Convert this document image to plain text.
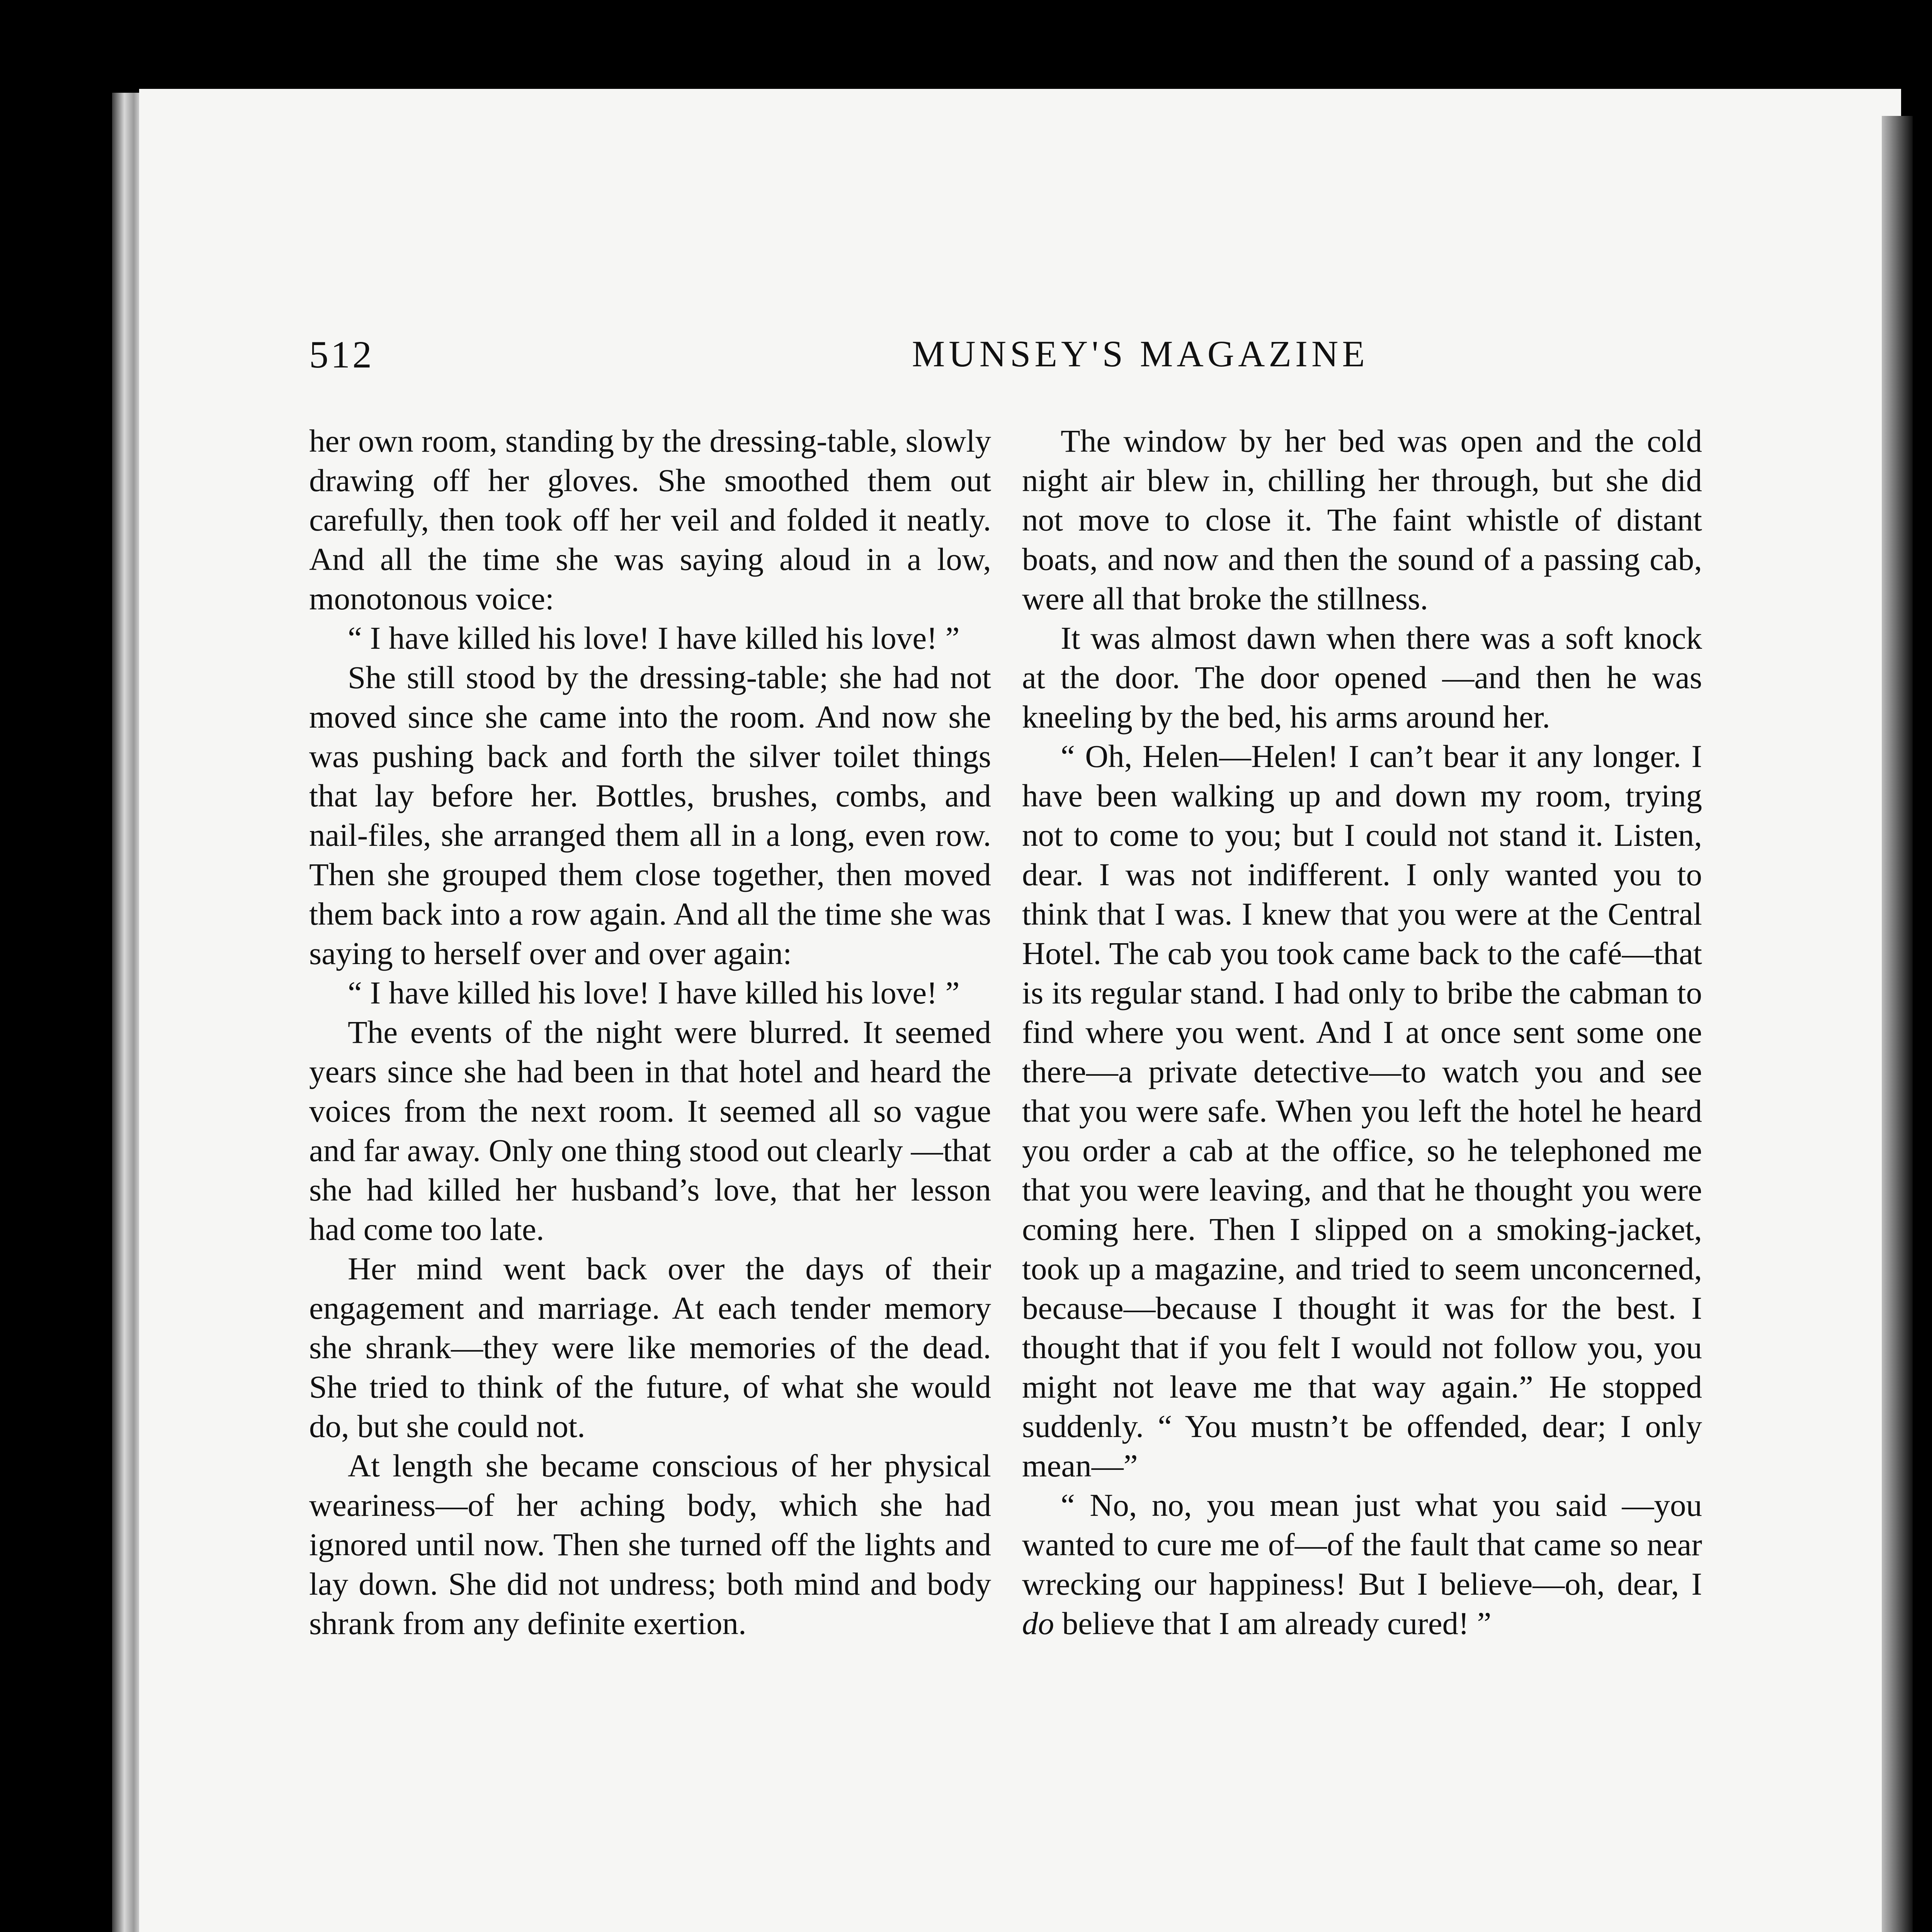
512	MUNSEY'S MAGAZINE

her own room, standing by the dressing-table, slowly drawing off her gloves. She smoothed them out carefully, then took off her veil and folded it neatly. And all the time she was saying aloud in a low, monotonous voice:

“ I have killed his love! I have killed his love! ”

She still stood by the dressing-table; she had not moved since she came into the room. And now she was pushing back and forth the silver toilet things that lay before her. Bottles, brushes, combs, and nail-files, she arranged them all in a long, even row. Then she grouped them close together, then moved them back into a row again. And all the time she was saying to herself over and over again:

“ I have killed his love! I have killed his love! ”

The events of the night were blurred. It seemed years since she had been in that hotel and heard the voices from the next room. It seemed all so vague and far away. Only one thing stood out clearly —that she had killed her husband’s love, that her lesson had come too late.

Her mind went back over the days of their engagement and marriage. At each tender memory she shrank—they were like memories of the dead. She tried to think of the future, of what she would do, but she could not.

At length she became conscious of her physical weariness—of her aching body, which she had ignored until now. Then she turned off the lights and lay down. She did not undress; both mind and body shrank from any definite exertion.

The window by her bed was open and the cold night air blew in, chilling her through, but she did not move to close it. The faint whistle of distant boats, and now and then the sound of a passing cab, were all that broke the stillness.

It was almost dawn when there was a soft knock at the door. The door opened —and then he was kneeling by the bed, his arms around her.

“ Oh, Helen—Helen! I can’t bear it any longer. I have been walking up and down my room, trying not to come to you; but I could not stand it. Listen, dear. I was not indifferent. I only wanted you to think that I was. I knew that you were at the Central Hotel. The cab you took came back to the café—that is its regular stand. I had only to bribe the cabman to find where you went. And I at once sent some one there—a private detective—to watch you and see that you were safe. When you left the hotel he heard you order a cab at the office, so he telephoned me that you were leaving, and that he thought you were coming here. Then I slipped on a smoking-jacket, took up a magazine, and tried to seem unconcerned, because—because I thought it was for the best. I thought that if you felt I would not follow you, you might not leave me that way again.” He stopped suddenly. “ You mustn’t be offended, dear; I only mean—”

“ No, no, you mean just what you said —you wanted to cure me of—of the fault that came so near wrecking our happiness! But I believe—oh, dear, I do believe that I am already cured! ”
